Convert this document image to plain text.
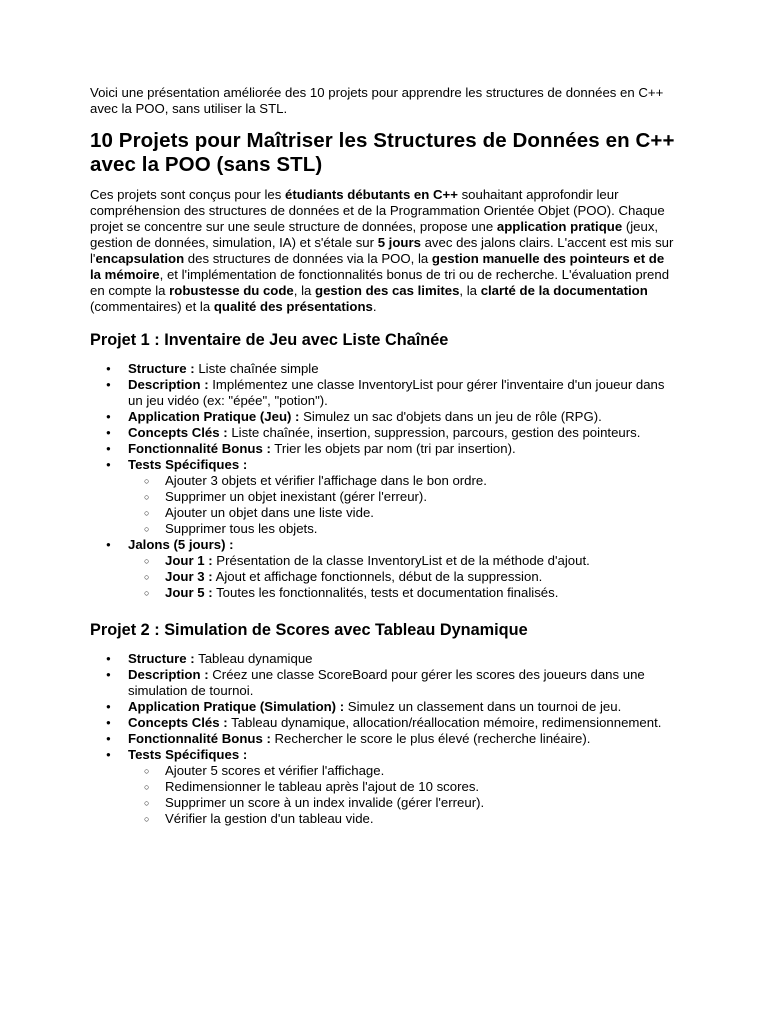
Voici une présentation améliorée des 10 projets pour apprendre les structures de données en C++ avec la POO, sans utiliser la STL.

10 Projets pour Maîtriser les Structures de Données en C++ avec la POO (sans STL)

Ces projets sont conçus pour les étudiants débutants en C++ souhaitant approfondir leur compréhension des structures de données et de la Programmation Orientée Objet (POO). Chaque projet se concentre sur une seule structure de données, propose une application pratique (jeux, gestion de données, simulation, IA) et s'étale sur 5 jours avec des jalons clairs. L'accent est mis sur l'encapsulation des structures de données via la POO, la gestion manuelle des pointeurs et de la mémoire, et l'implémentation de fonctionnalités bonus de tri ou de recherche. L'évaluation prend en compte la robustesse du code, la gestion des cas limites, la clarté de la documentation (commentaires) et la qualité des présentations.

Projet 1 : Inventaire de Jeu avec Liste Chaînée
● Structure : Liste chaînée simple
● Description : Implémentez une classe InventoryList pour gérer l'inventaire d'un joueur dans un jeu vidéo (ex: "épée", "potion").
● Application Pratique (Jeu) : Simulez un sac d'objets dans un jeu de rôle (RPG).
● Concepts Clés : Liste chaînée, insertion, suppression, parcours, gestion des pointeurs.
● Fonctionnalité Bonus : Trier les objets par nom (tri par insertion).
● Tests Spécifiques :
○ Ajouter 3 objets et vérifier l'affichage dans le bon ordre.
○ Supprimer un objet inexistant (gérer l'erreur).
○ Ajouter un objet dans une liste vide.
○ Supprimer tous les objets.
● Jalons (5 jours) :
○ Jour 1 : Présentation de la classe InventoryList et de la méthode d'ajout.
○ Jour 3 : Ajout et affichage fonctionnels, début de la suppression.
○ Jour 5 : Toutes les fonctionnalités, tests et documentation finalisés.
Projet 2 : Simulation de Scores avec Tableau Dynamique
● Structure : Tableau dynamique
● Description : Créez une classe ScoreBoard pour gérer les scores des joueurs dans une simulation de tournoi.
● Application Pratique (Simulation) : Simulez un classement dans un tournoi de jeu.
● Concepts Clés : Tableau dynamique, allocation/réallocation mémoire, redimensionnement.
● Fonctionnalité Bonus : Rechercher le score le plus élevé (recherche linéaire).
● Tests Spécifiques :
○ Ajouter 5 scores et vérifier l'affichage.
○ Redimensionner le tableau après l'ajout de 10 scores.
○ Supprimer un score à un index invalide (gérer l'erreur).
○ Vérifier la gestion d'un tableau vide.
